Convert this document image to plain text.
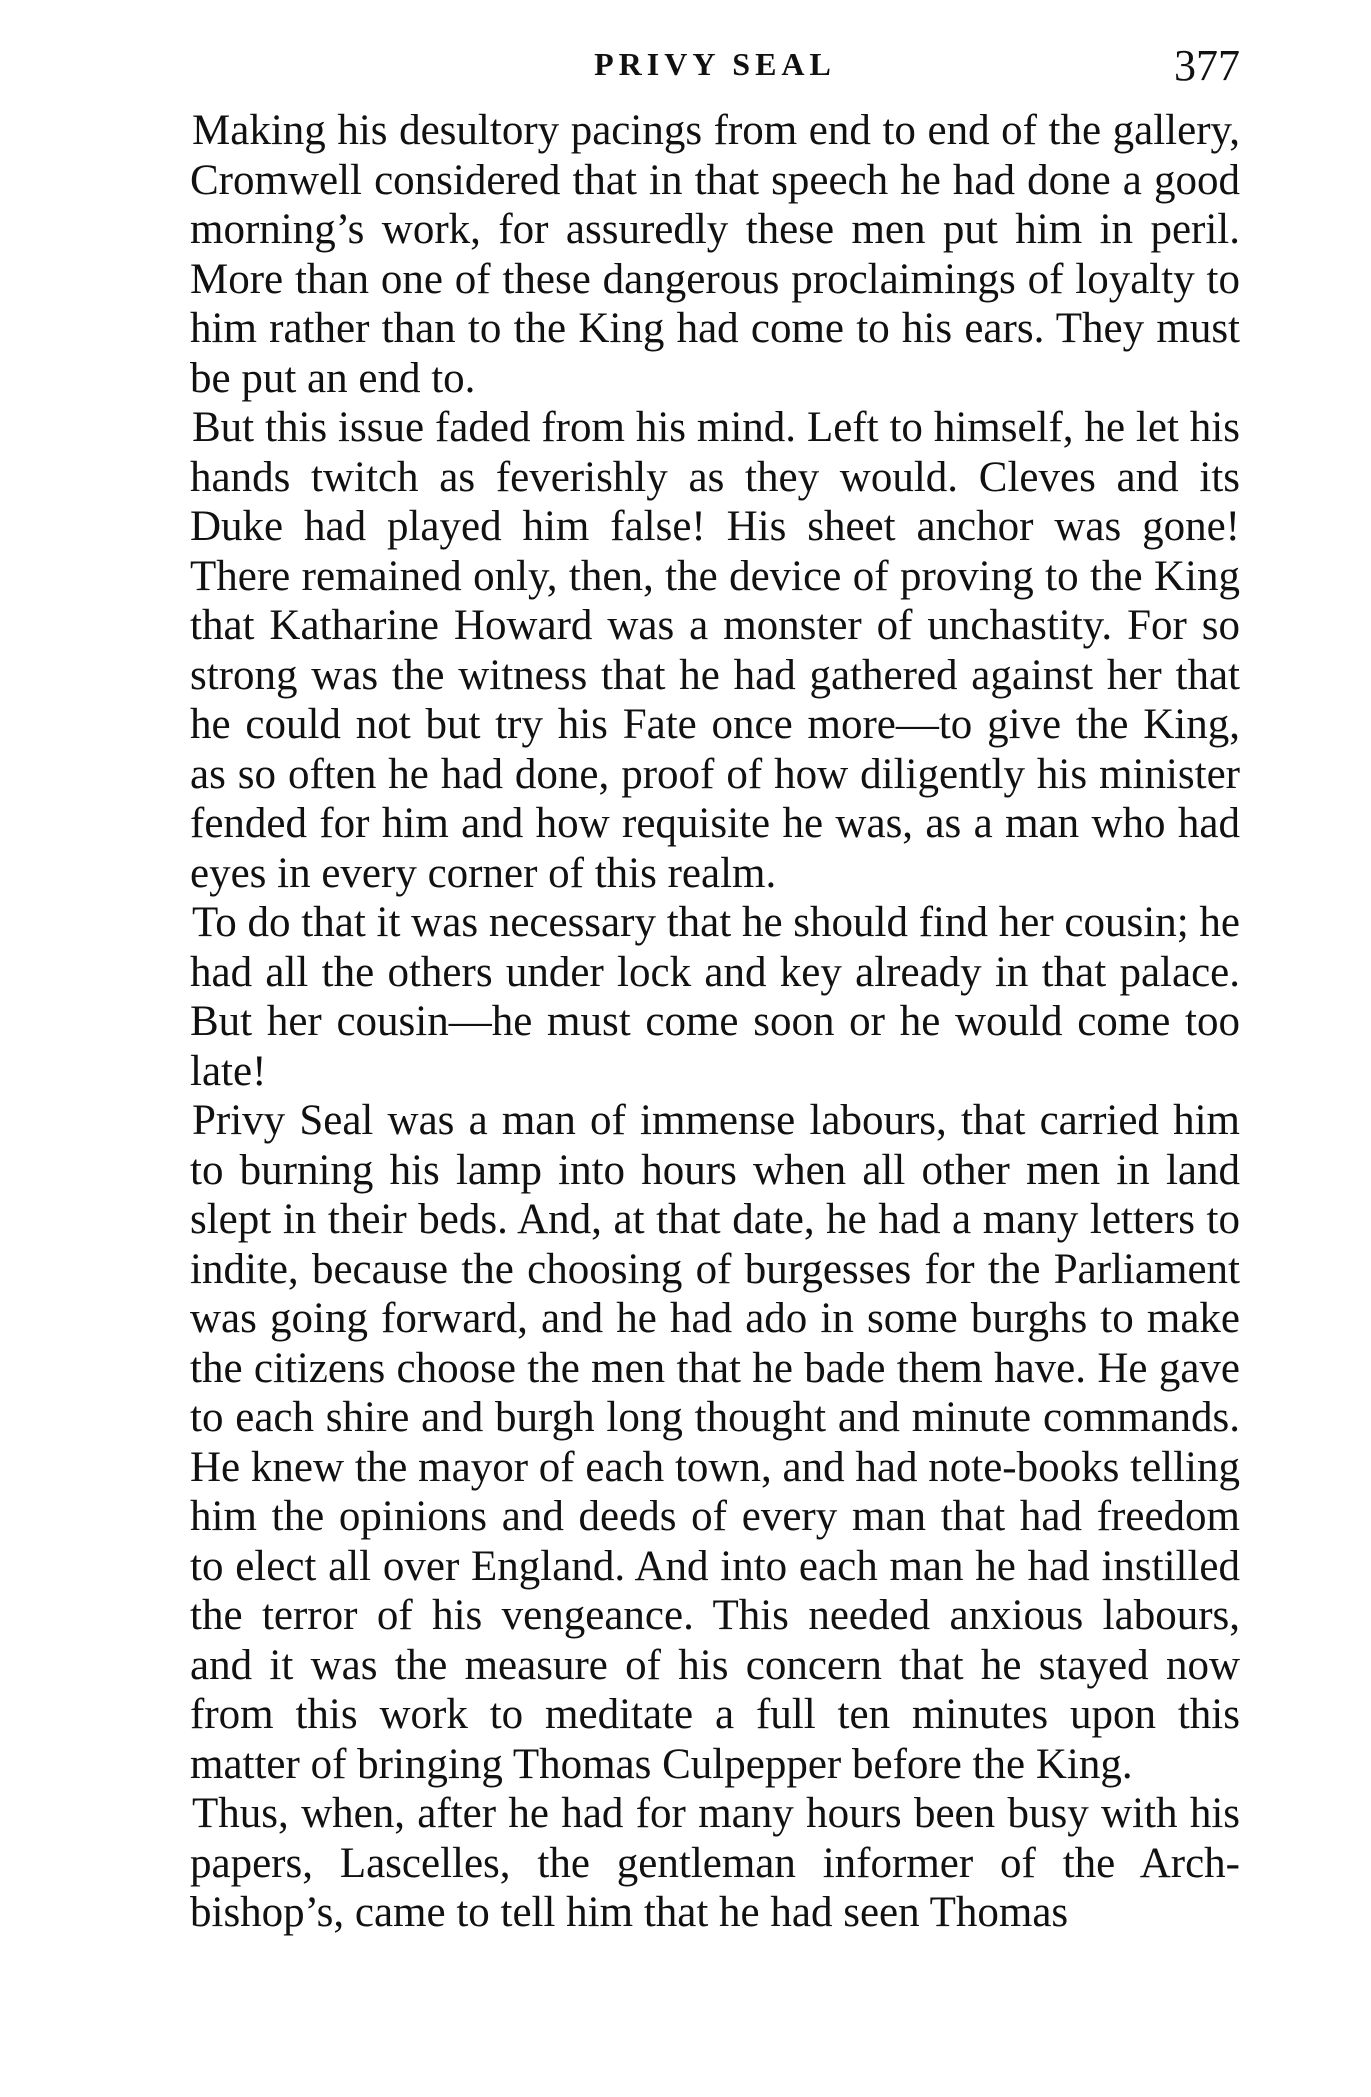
PRIVY SEAL	377

Making his desultory pacings from end to end of the gallery, Cromwell considered that in that speech he had done a good morning’s work, for assuredly these men put him in peril. More than one of these dangerous proclaimings of loyalty to him rather than to the King had come to his ears. They must be put an end to.

But this issue faded from his mind. Left to himself, he let his hands twitch as feverishly as they would. Cleves and its Duke had played him false! His sheet anchor was gone! There remained only, then, the device of proving to the King that Katharine Howard was a monster of unchastity. For so strong was the witness that he had gathered against her that he could not but try his Fate once more—to give the King, as so often he had done, proof of how diligently his minister fended for him and how requisite he was, as a man who had eyes in every corner of this realm.

To do that it was necessary that he should find her cousin; he had all the others under lock and key already in that palace. But her cousin—he must come soon or he would come too late!

Privy Seal was a man of immense labours, that carried him to burning his lamp into hours when all other men in land slept in their beds. And, at that date, he had a many letters to indite, because the choosing of burgesses for the Parliament was going forward, and he had ado in some burghs to make the citizens choose the men that he bade them have. He gave to each shire and burgh long thought and minute commands. He knew the mayor of each town, and had note-books telling him the opinions and deeds of every man that had freedom to elect all over England. And into each man he had instilled the terror of his vengeance. This needed anxious labours, and it was the measure of his concern that he stayed now from this work to meditate a full ten minutes upon this matter of bringing Thomas Culpepper before the King.

Thus, when, after he had for many hours been busy with his papers, Lascelles, the gentleman informer of the Archbishop’s, came to tell him that he had seen Thomas
